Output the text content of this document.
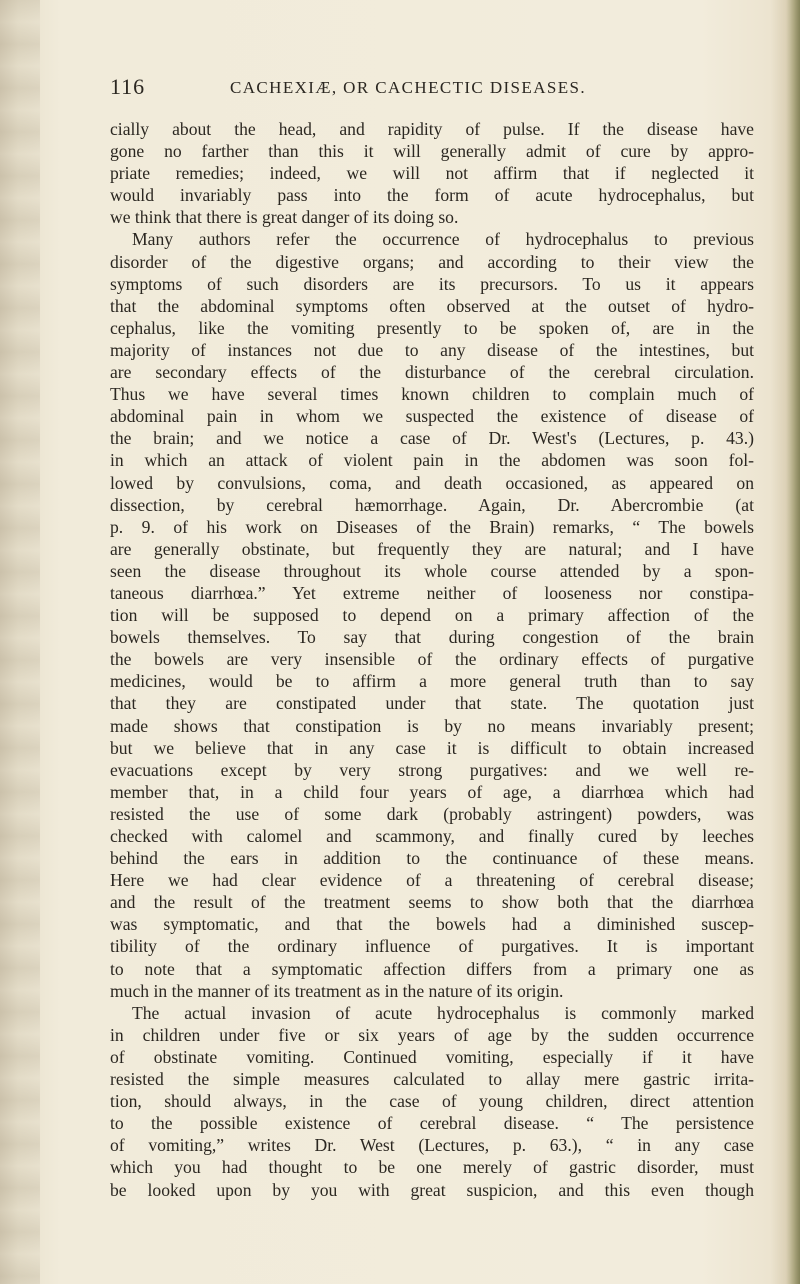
116	CACHEXIÆ, OR CACHECTIC DISEASES.
cially about the head, and rapidity of pulse. If the disease have
gone no farther than this it will generally admit of cure by appro-
priate remedies; indeed, we will not affirm that if neglected it
would invariably pass into the form of acute hydrocephalus, but
we think that there is great danger of its doing so.
Many authors refer the occurrence of hydrocephalus to previous
disorder of the digestive organs; and according to their view the
symptoms of such disorders are its precursors. To us it appears
that the abdominal symptoms often observed at the outset of hydro-
cephalus, like the vomiting presently to be spoken of, are in the
majority of instances not due to any disease of the intestines, but
are secondary effects of the disturbance of the cerebral circulation.
Thus we have several times known children to complain much of
abdominal pain in whom we suspected the existence of disease of
the brain; and we notice a case of Dr. West's (Lectures, p. 43.)
in which an attack of violent pain in the abdomen was soon fol-
lowed by convulsions, coma, and death occasioned, as appeared on
dissection, by cerebral hæmorrhage. Again, Dr. Abercrombie (at
p. 9. of his work on Diseases of the Brain) remarks, “ The bowels
are generally obstinate, but frequently they are natural; and I have
seen the disease throughout its whole course attended by a spon-
taneous diarrhœa.” Yet extreme neither of looseness nor constipa-
tion will be supposed to depend on a primary affection of the
bowels themselves. To say that during congestion of the brain
the bowels are very insensible of the ordinary effects of purgative
medicines, would be to affirm a more general truth than to say
that they are constipated under that state. The quotation just
made shows that constipation is by no means invariably present;
but we believe that in any case it is difficult to obtain increased
evacuations except by very strong purgatives: and we well re-
member that, in a child four years of age, a diarrhœa which had
resisted the use of some dark (probably astringent) powders, was
checked with calomel and scammony, and finally cured by leeches
behind the ears in addition to the continuance of these means.
Here we had clear evidence of a threatening of cerebral disease;
and the result of the treatment seems to show both that the diarrhœa
was symptomatic, and that the bowels had a diminished suscep-
tibility of the ordinary influence of purgatives. It is important
to note that a symptomatic affection differs from a primary one as
much in the manner of its treatment as in the nature of its origin.
The actual invasion of acute hydrocephalus is commonly marked
in children under five or six years of age by the sudden occurrence
of obstinate vomiting. Continued vomiting, especially if it have
resisted the simple measures calculated to allay mere gastric irrita-
tion, should always, in the case of young children, direct attention
to the possible existence of cerebral disease. “ The persistence
of vomiting,” writes Dr. West (Lectures, p. 63.), “ in any case
which you had thought to be one merely of gastric disorder, must
be looked upon by you with great suspicion, and this even though
